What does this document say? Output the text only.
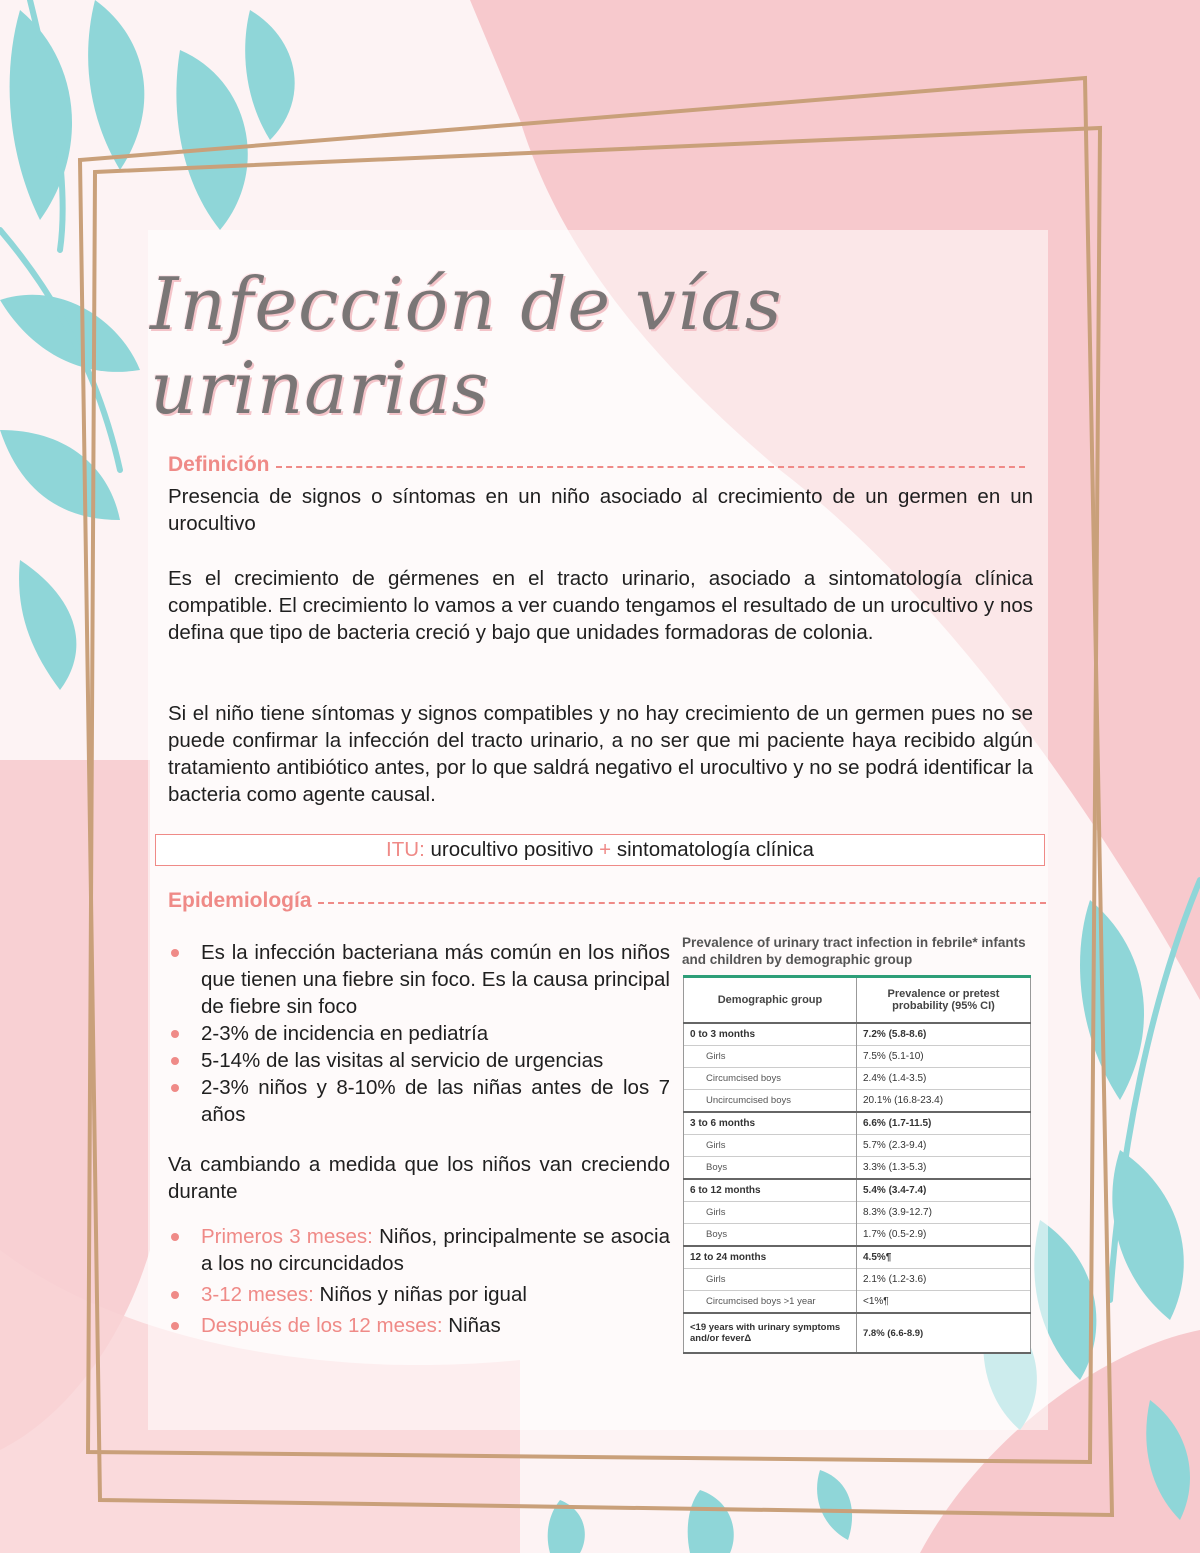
Infección de vías urinarias
Definición
Presencia de signos o síntomas en un niño asociado al crecimiento de un germen en un urocultivo
Es el crecimiento de gérmenes en el tracto urinario, asociado a sintomatología clínica compatible. El crecimiento lo vamos a ver cuando tengamos el resultado de un urocultivo y nos defina que tipo de bacteria creció y bajo que unidades formadoras de colonia.
Si el niño tiene síntomas y signos compatibles y no hay crecimiento de un germen pues no se puede confirmar la infección del tracto urinario, a no ser que mi paciente haya recibido algún tratamiento antibiótico antes, por lo que saldrá negativo el urocultivo y no se podrá identificar la bacteria como agente causal.
ITU: urocultivo positivo + sintomatología clínica
Epidemiología
Es la infección bacteriana más común en los niños que tienen una fiebre sin foco. Es la causa principal de fiebre sin foco
2-3% de incidencia en pediatría
5-14% de las visitas al servicio de urgencias
2-3% niños y 8-10% de las niñas antes de los 7 años
Va cambiando a medida que los niños van creciendo durante
Primeros 3 meses: Niños, principalmente se asocia a los no circuncidados
3-12 meses: Niños y niñas por igual
Después de los 12 meses: Niñas
Prevalence of urinary tract infection in febrile* infants and children by demographic group
Demographic group	Prevalence or pretest probability (95% CI)
0 to 3 months	7.2% (5.8-8.6)
Girls	7.5% (5.1-10)
Circumcised boys	2.4% (1.4-3.5)
Uncircumcised boys	20.1% (16.8-23.4)
3 to 6 months	6.6% (1.7-11.5)
Girls	5.7% (2.3-9.4)
Boys	3.3% (1.3-5.3)
6 to 12 months	5.4% (3.4-7.4)
Girls	8.3% (3.9-12.7)
Boys	1.7% (0.5-2.9)
12 to 24 months	4.5%¶
Girls	2.1% (1.2-3.6)
Circumcised boys >1 year	<1%¶
<19 years with urinary symptoms and/or feverΔ	7.8% (6.6-8.9)
